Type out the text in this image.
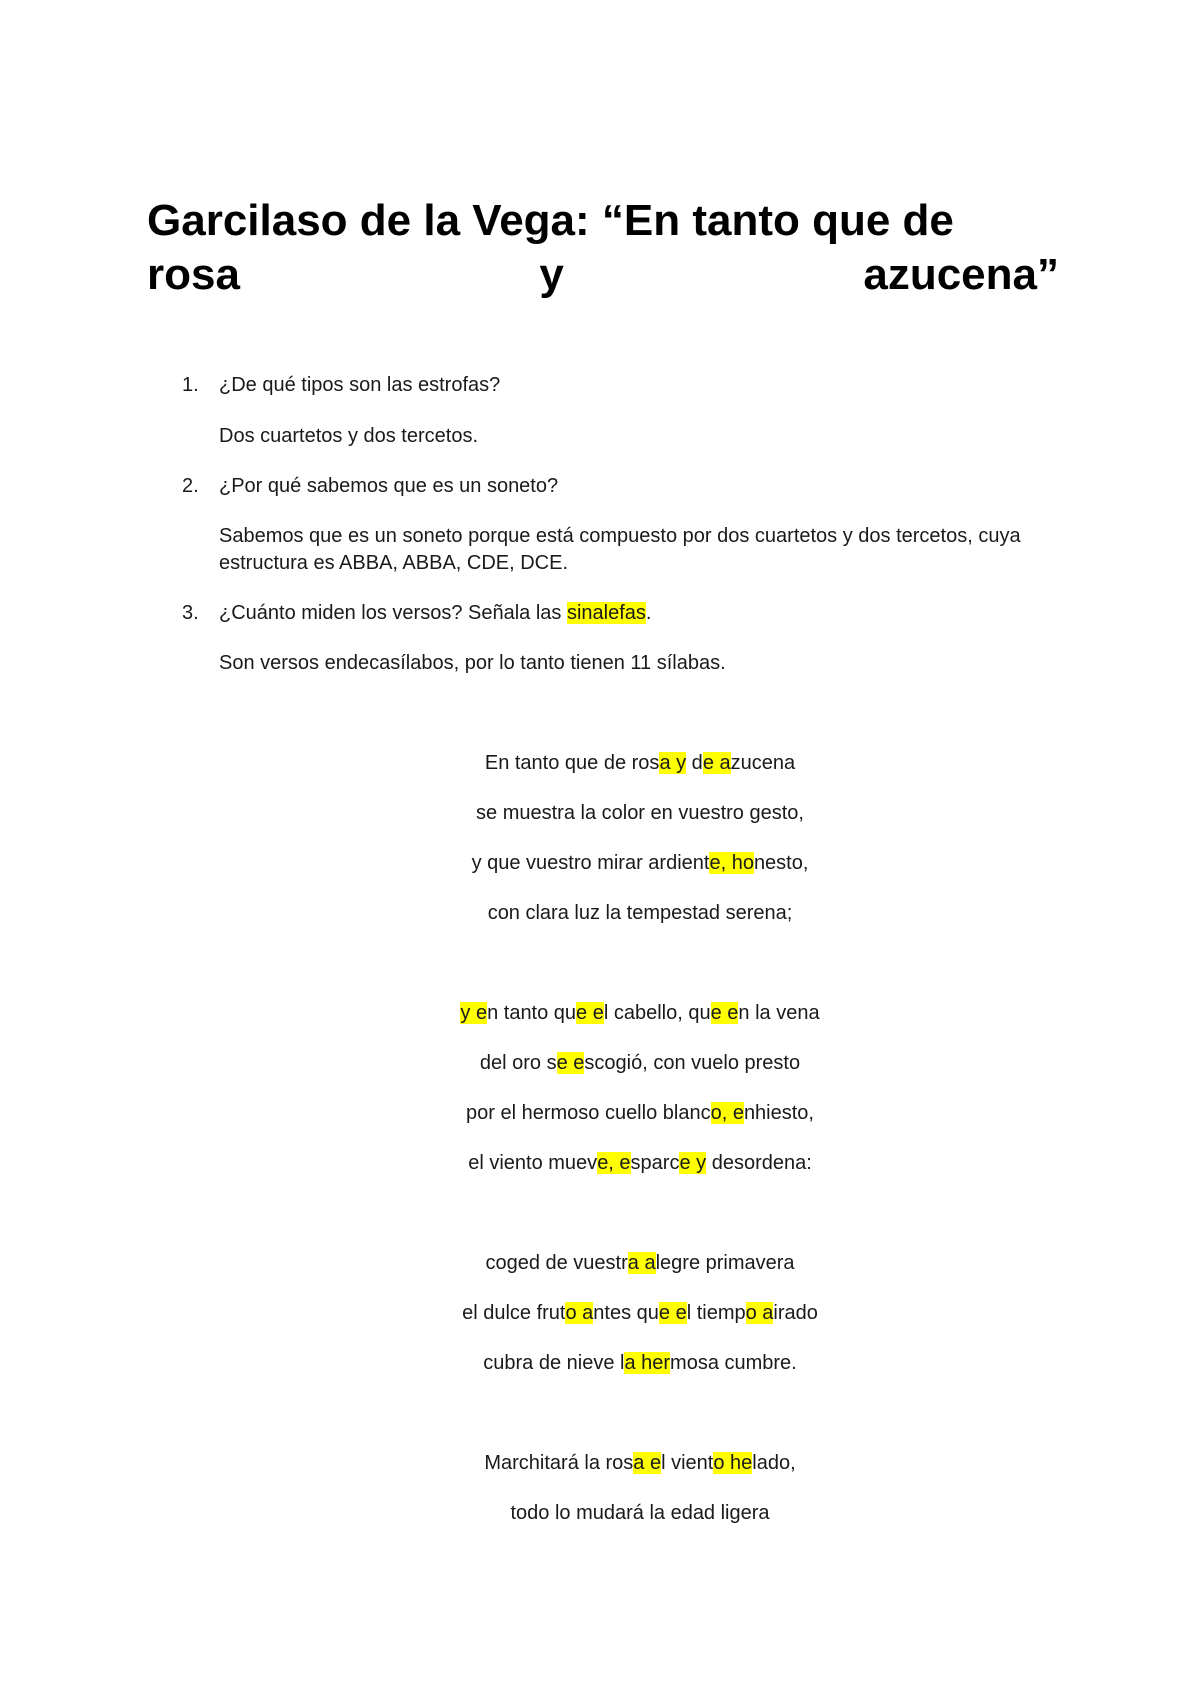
Garcilaso de la Vega: “En tanto que de
rosa	y	azucena”
1.	¿De qué tipos son las estrofas?
Dos cuartetos y dos tercetos.
2.	¿Por qué sabemos que es un soneto?
Sabemos que es un soneto porque está compuesto por dos cuartetos y dos tercetos, cuya estructura es ABBA, ABBA, CDE, DCE.
3.	¿Cuánto miden los versos? Señala las sinalefas.
Son versos endecasílabos, por lo tanto tienen 11 sílabas.
En tanto que de rosa y de azucena
se muestra la color en vuestro gesto,
y que vuestro mirar ardiente, honesto,
con clara luz la tempestad serena;
y en tanto que el cabello, que en la vena
del oro se escogió, con vuelo presto
por el hermoso cuello blanco, enhiesto,
el viento mueve, esparce y desordena:
coged de vuestra alegre primavera
el dulce fruto antes que el tiempo airado
cubra de nieve la hermosa cumbre.
Marchitará la rosa el viento helado,
todo lo mudará la edad ligera
